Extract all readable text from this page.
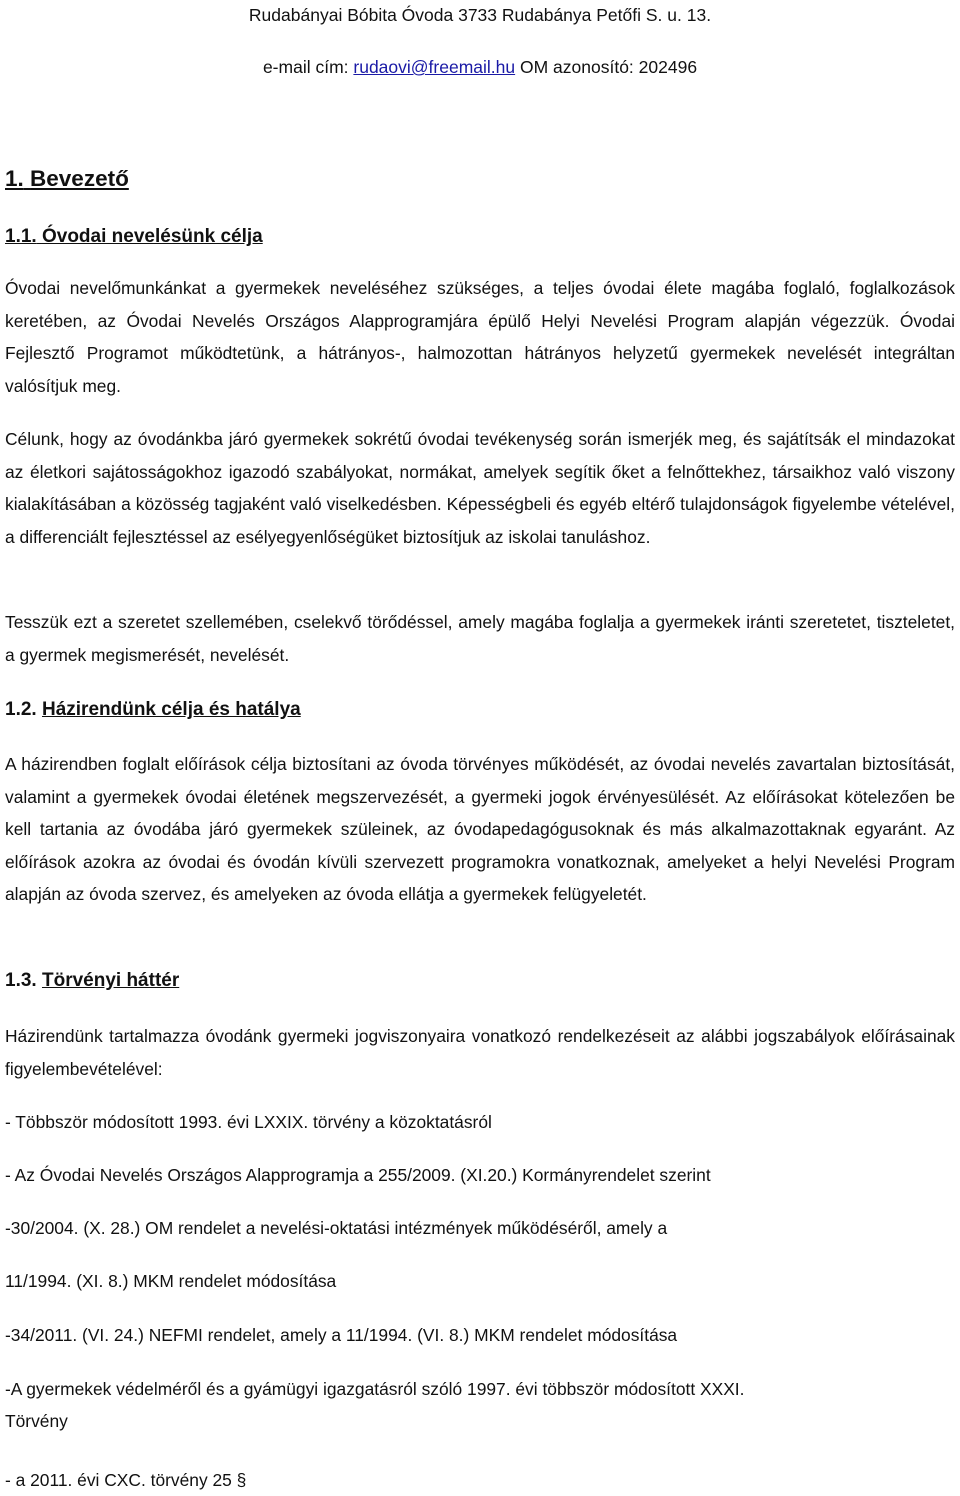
Rudabányai Bóbita Óvoda 3733 Rudabánya Petőfi S. u. 13.
e-mail cím: rudaovi@freemail.hu OM azonosító: 202496
1. Bevezető
1.1. Óvodai nevelésünk célja

Óvodai nevelőmunkánkat a gyermekek neveléséhez szükséges, a teljes óvodai élete magába foglaló, foglalkozások keretében, az Óvodai Nevelés Országos Alapprogramjára épülő Helyi Nevelési Program alapján végezzük. Óvodai Fejlesztő Programot működtetünk, a hátrányos-, halmozottan hátrányos helyzetű gyermekek nevelését integráltan valósítjuk meg.

Célunk, hogy az óvodánkba járó gyermekek sokrétű óvodai tevékenység során ismerjék meg, és sajátítsák el mindazokat az életkori sajátosságokhoz igazodó szabályokat, normákat, amelyek segítik őket a felnőttekhez, társaikhoz való viszony kialakításában a közösség tagjaként való viselkedésben. Képességbeli és egyéb eltérő tulajdonságok figyelembe vételével, a differenciált fejlesztéssel az esélyegyenlőségüket biztosítjuk az iskolai tanuláshoz.

Tesszük ezt a szeretet szellemében, cselekvő törődéssel, amely magába foglalja a gyermekek iránti szeretetet, tiszteletet, a gyermek megismerését, nevelését.

1.2. Házirendünk célja és hatálya

A házirendben foglalt előírások célja biztosítani az óvoda törvényes működését, az óvodai nevelés zavartalan biztosítását, valamint a gyermekek óvodai életének megszervezését, a gyermeki jogok érvényesülését. Az előírásokat kötelezően be kell tartania az óvodába járó gyermekek szüleinek, az óvodapedagógusoknak és más alkalmazottaknak egyaránt. Az előírások azokra az óvodai és óvodán kívüli szervezett programokra vonatkoznak, amelyeket a helyi Nevelési Program alapján az óvoda szervez, és amelyeken az óvoda ellátja a gyermekek felügyeletét.

1.3. Törvényi háttér

Házirendünk tartalmazza óvodánk gyermeki jogviszonyaira vonatkozó rendelkezéseit az alábbi jogszabályok előírásainak figyelembevételével:

- Többször módosított 1993. évi LXXIX. törvény a közoktatásról
- Az Óvodai Nevelés Országos Alapprogramja a 255/2009. (XI.20.) Kormányrendelet szerint
-30/2004. (X. 28.) OM rendelet a nevelési-oktatási intézmények működéséről, amely a
11/1994. (XI. 8.) MKM rendelet módosítása
-34/2011. (VI. 24.) NEFMI rendelet, amely a 11/1994. (VI. 8.) MKM rendelet módosítása
-A gyermekek védelméről és a gyámügyi igazgatásról szóló 1997. évi többször módosított XXXI.
Törvény
- a 2011. évi CXC. törvény 25 §
